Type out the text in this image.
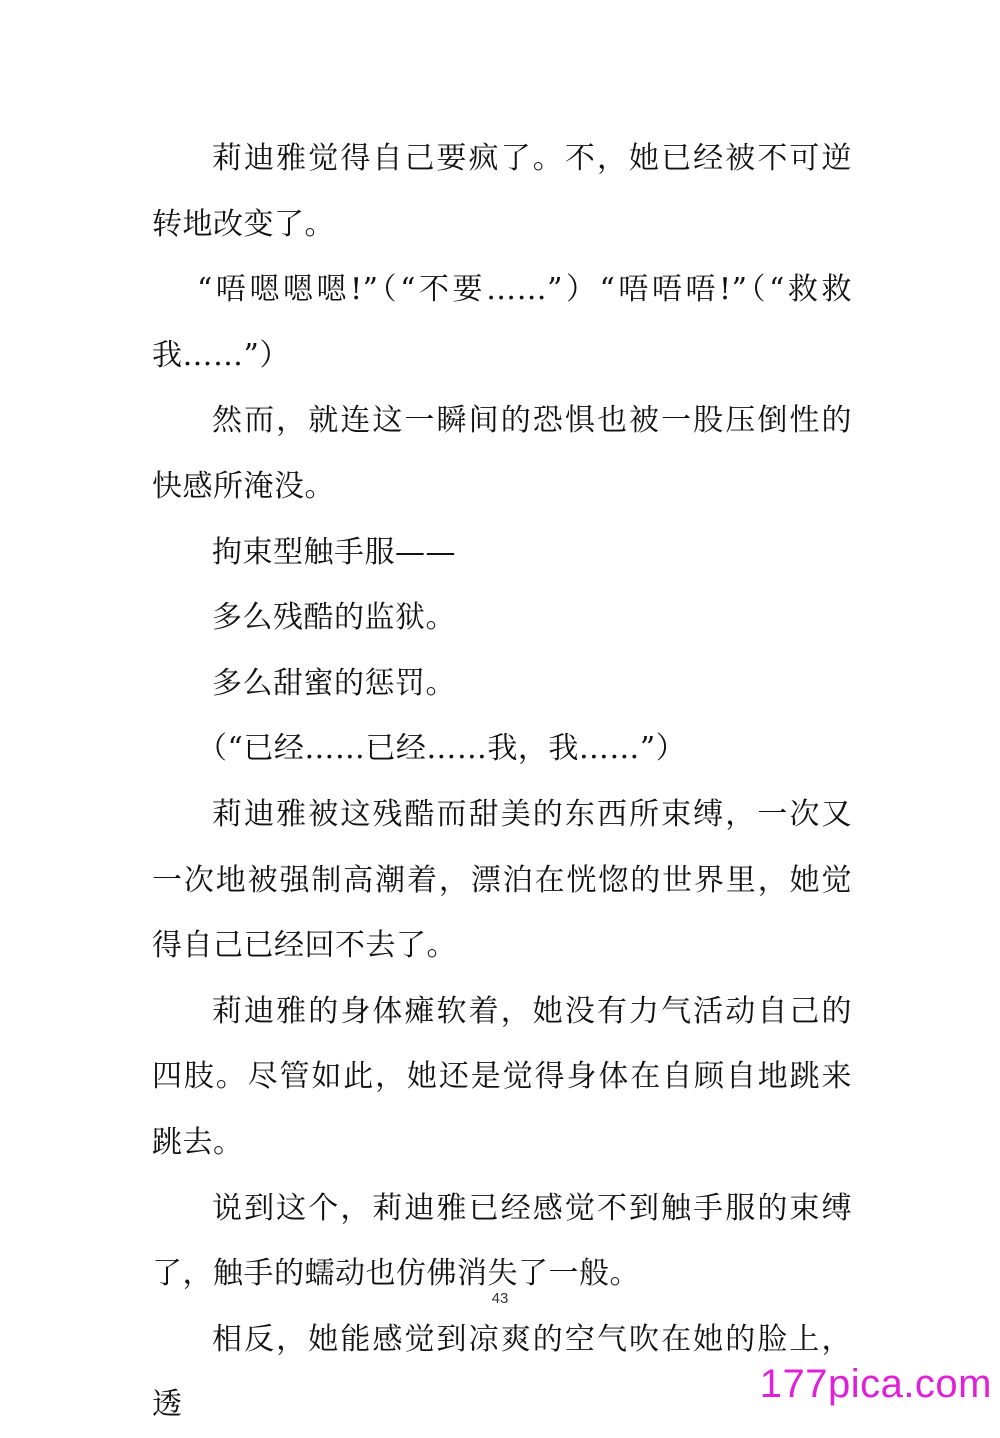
莉迪雅觉得自己要疯了。不，她已经被不可逆转地改变了。

“唔嗯嗯嗯!”（“不要……”）“唔唔唔!”（“救救我……”）

然而，就连这一瞬间的恐惧也被一股压倒性的快感所淹没。

拘束型触手服——

多么残酷的监狱。

多么甜蜜的惩罚。

（“已经……已经……我，我……”）

莉迪雅被这残酷而甜美的东西所束缚，一次又一次地被强制高潮着，漂泊在恍惚的世界里，她觉得自己已经回不去了。

莉迪雅的身体瘫软着，她没有力气活动自己的四肢。尽管如此，她还是觉得身体在自顾自地跳来跳去。

说到这个，莉迪雅已经感觉不到触手服的束缚了，触手的蠕动也仿佛消失了一般。

相反，她能感觉到凉爽的空气吹在她的脸上，透

43
177pica.com
